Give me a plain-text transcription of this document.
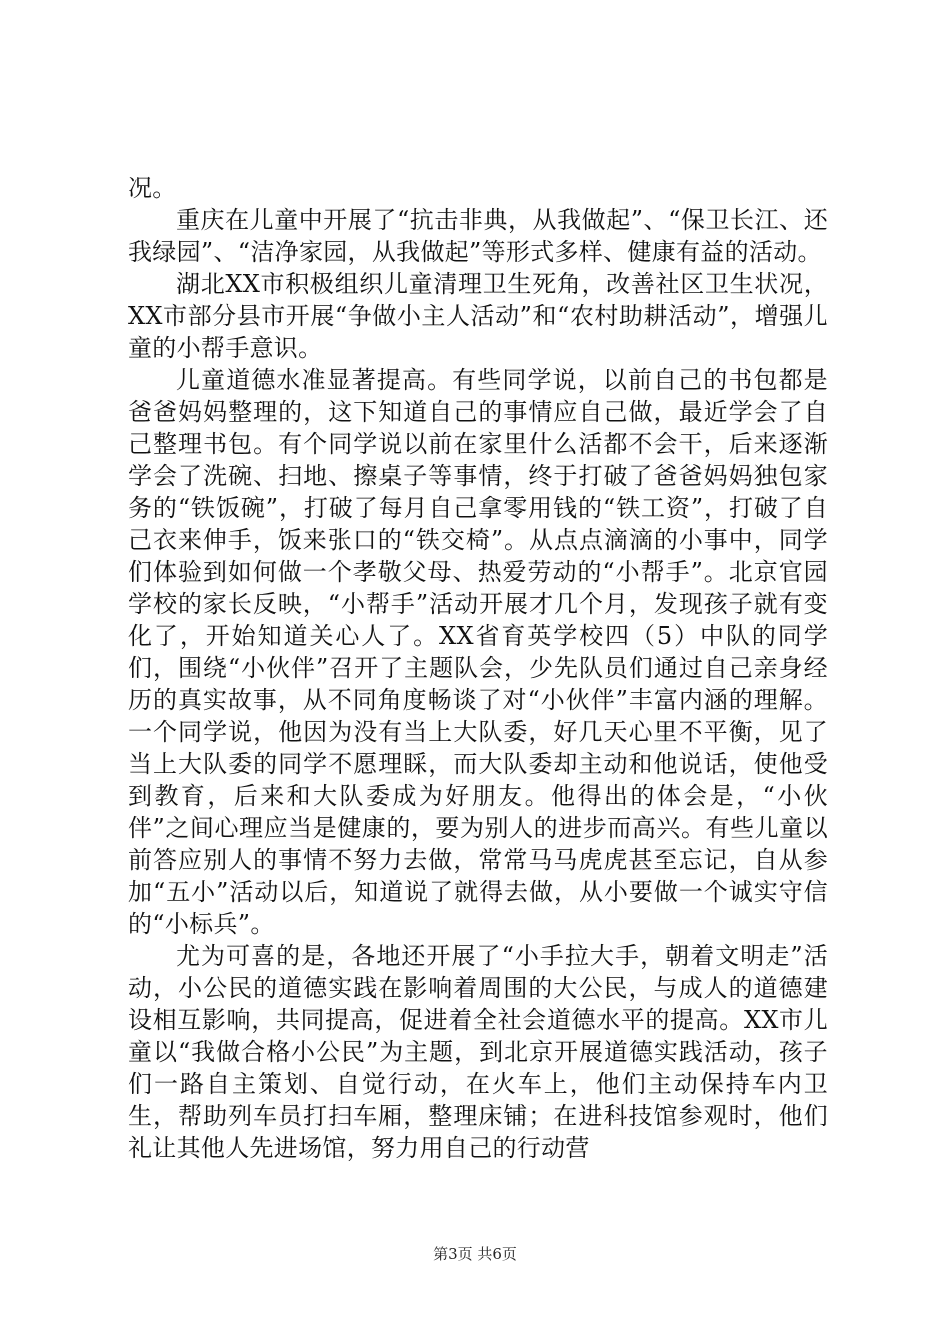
况。

重庆在儿童中开展了“抗击非典，从我做起”、“保卫长江、还我绿园”、“洁净家园，从我做起”等形式多样、健康有益的活动。

湖北XX市积极组织儿童清理卫生死角，改善社区卫生状况，XX市部分县市开展“争做小主人活动”和“农村助耕活动”，增强儿童的小帮手意识。

儿童道德水准显著提高。有些同学说，以前自己的书包都是爸爸妈妈整理的，这下知道自己的事情应自己做，最近学会了自己整理书包。有个同学说以前在家里什么活都不会干，后来逐渐学会了洗碗、扫地、擦桌子等事情，终于打破了爸爸妈妈独包家务的“铁饭碗”，打破了每月自己拿零用钱的“铁工资”，打破了自己衣来伸手，饭来张口的“铁交椅”。从点点滴滴的小事中，同学们体验到如何做一个孝敬父母、热爱劳动的“小帮手”。北京官园学校的家长反映，“小帮手”活动开展才几个月，发现孩子就有变化了，开始知道关心人了。XX省育英学校四（5）中队的同学们，围绕“小伙伴”召开了主题队会，少先队员们通过自己亲身经历的真实故事，从不同角度畅谈了对“小伙伴”丰富内涵的理解。一个同学说，他因为没有当上大队委，好几天心里不平衡，见了当上大队委的同学不愿理睬，而大队委却主动和他说话，使他受到教育，后来和大队委成为好朋友。他得出的体会是，“小伙伴”之间心理应当是健康的，要为别人的进步而高兴。有些儿童以前答应别人的事情不努力去做，常常马马虎虎甚至忘记，自从参加“五小”活动以后，知道说了就得去做，从小要做一个诚实守信的“小标兵”。

尤为可喜的是，各地还开展了“小手拉大手，朝着文明走”活动，小公民的道德实践在影响着周围的大公民，与成人的道德建设相互影响，共同提高，促进着全社会道德水平的提高。XX市儿童以“我做合格小公民”为主题，到北京开展道德实践活动，孩子们一路自主策划、自觉行动，在火车上，他们主动保持车内卫生，帮助列车员打扫车厢，整理床铺；在进科技馆参观时，他们礼让其他人先进场馆，努力用自己的行动营

第3页 共6页
